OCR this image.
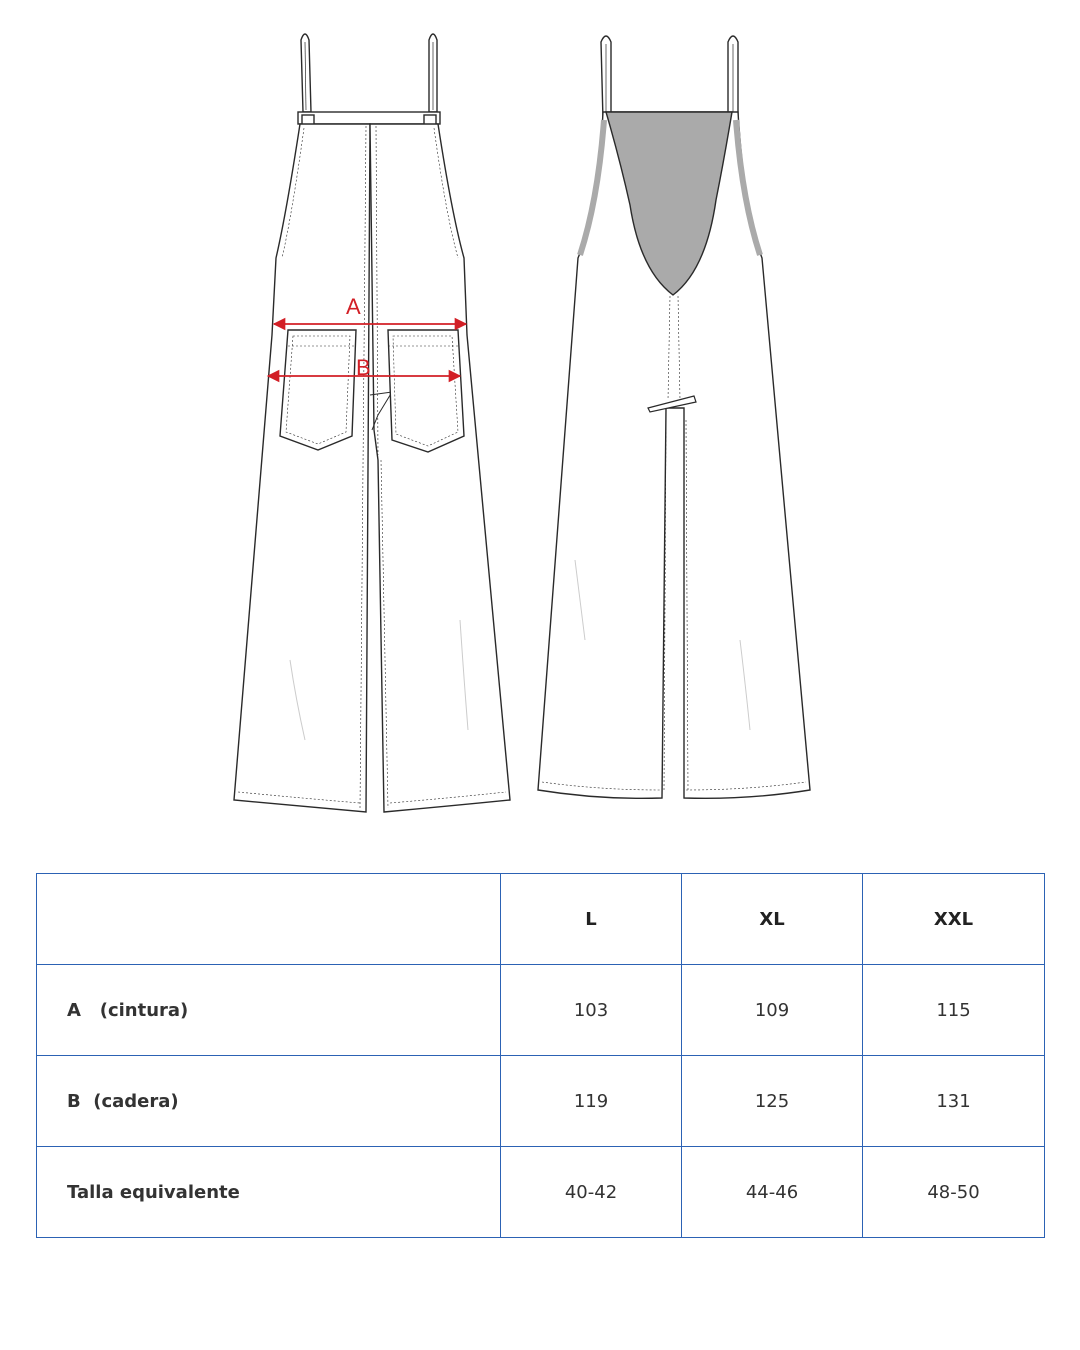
A
B
	L	XL	XXL
A   (cintura)	103	109	115
B  (cadera)	119	125	131
Talla equivalente	40-42	44-46	48-50
